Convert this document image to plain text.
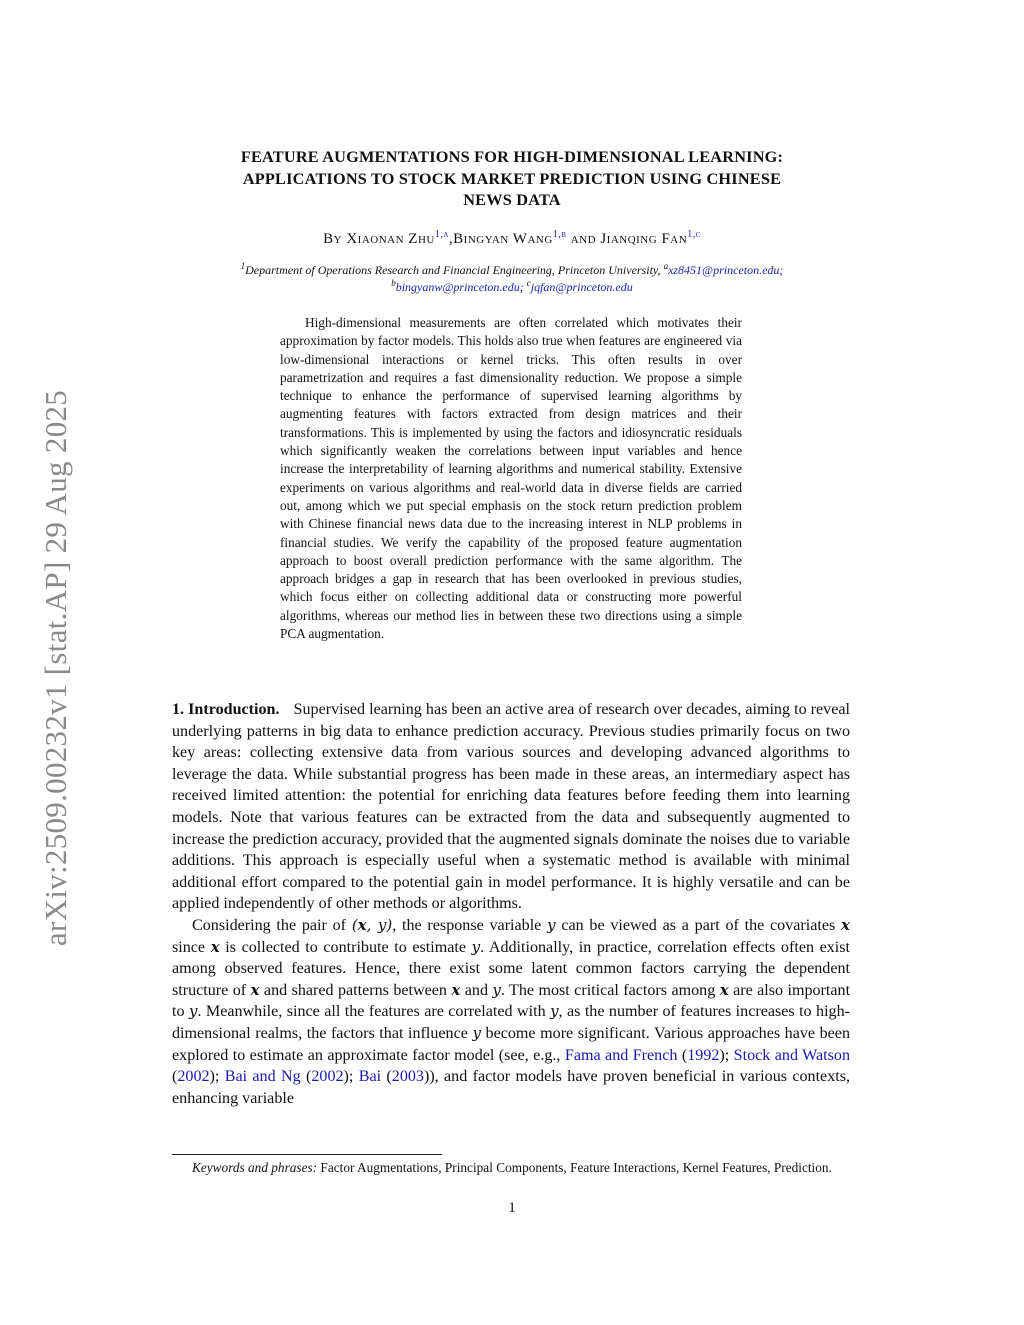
arXiv:2509.00232v1 [stat.AP] 29 Aug 2025
FEATURE AUGMENTATIONS FOR HIGH-DIMENSIONAL LEARNING:
APPLICATIONS TO STOCK MARKET PREDICTION USING CHINESE
NEWS DATA
By Xiaonan Zhu$^{1,a}$,Bingyan Wang$^{1,b}$ and Jianqing Fan$^{1,c}$
$^1$Department of Operations Research and Financial Engineering, Princeton University, $^a$xz8451@princeton.edu;
$^b$bingyanw@princeton.edu; $^c$jqfan@princeton.edu

High-dimensional measurements are often correlated which motivates their approximation by factor models. This holds also true when features are engineered via low-dimensional interactions or kernel tricks. This often results in over parametrization and requires a fast dimensionality reduction. We propose a simple technique to enhance the performance of supervised learning algorithms by augmenting features with factors extracted from design matrices and their transformations. This is implemented by using the factors and idiosyncratic residuals which significantly weaken the correlations between input variables and hence increase the interpretability of learning algorithms and numerical stability. Extensive experiments on various algorithms and real-world data in diverse fields are carried out, among which we put special emphasis on the stock return prediction problem with Chinese financial news data due to the increasing interest in NLP problems in financial studies. We verify the capability of the proposed feature augmentation approach to boost overall prediction performance with the same algorithm. The approach bridges a gap in research that has been overlooked in previous studies, which focus either on collecting additional data or constructing more powerful algorithms, whereas our method lies in between these two directions using a simple PCA augmentation.

1. Introduction. Supervised learning has been an active area of research over decades, aiming to reveal underlying patterns in big data to enhance prediction accuracy. Previous studies primarily focus on two key areas: collecting extensive data from various sources and developing advanced algorithms to leverage the data. While substantial progress has been made in these areas, an intermediary aspect has received limited attention: the potential for enriching data features before feeding them into learning models. Note that various features can be extracted from the data and subsequently augmented to increase the prediction accuracy, provided that the augmented signals dominate the noises due to variable additions. This approach is especially useful when a systematic method is available with minimal additional effort compared to the potential gain in model performance. It is highly versatile and can be applied independently of other methods or algorithms.

Considering the pair of (x, y), the response variable y can be viewed as a part of the covariates x since x is collected to contribute to estimate y. Additionally, in practice, correlation effects often exist among observed features. Hence, there exist some latent common factors carrying the dependent structure of x and shared patterns between x and y. The most critical factors among x are also important to y. Meanwhile, since all the features are correlated with y, as the number of features increases to high-dimensional realms, the factors that influence y become more significant. Various approaches have been explored to estimate an approximate factor model (see, e.g., Fama and French (1992); Stock and Watson (2002); Bai and Ng (2002); Bai (2003)), and factor models have proven beneficial in various contexts, enhancing variable

Keywords and phrases: Factor Augmentations, Principal Components, Feature Interactions, Kernel Features, Prediction.
1
